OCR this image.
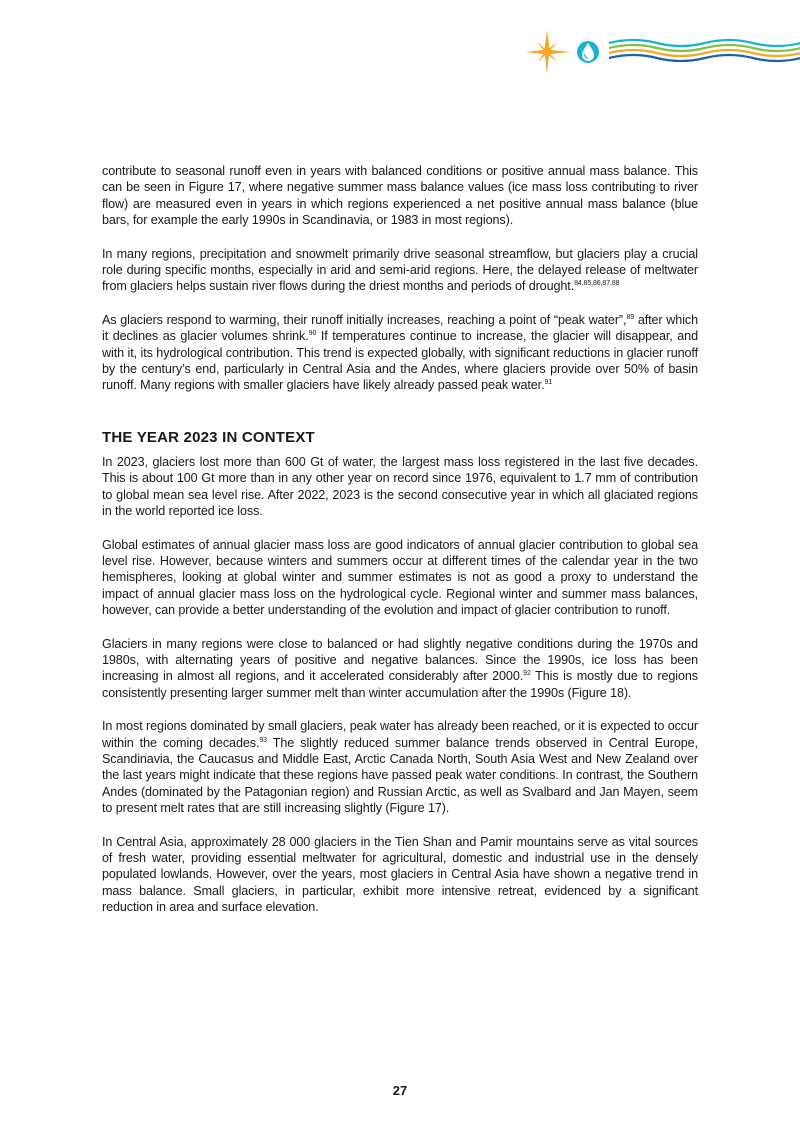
contribute to seasonal runoff even in years with balanced conditions or positive annual mass balance. This can be seen in Figure 17, where negative summer mass balance values (ice mass loss contributing to river flow) are measured even in years in which regions experienced a net positive annual mass balance (blue bars, for example the early 1990s in Scandinavia, or 1983 in most regions).

In many regions, precipitation and snowmelt primarily drive seasonal streamflow, but glaciers play a crucial role during specific months, especially in arid and semi-arid regions. Here, the delayed release of meltwater from glaciers helps sustain river flows during the driest months and periods of drought.$^{84,85,86,87,88}$

As glaciers respond to warming, their runoff initially increases, reaching a point of “peak water”,$^{89}$ after which it declines as glacier volumes shrink.$^{90}$ If temperatures continue to increase, the glacier will disappear, and with it, its hydrological contribution. This trend is expected globally, with significant reductions in glacier runoff by the century’s end, particularly in Central Asia and the Andes, where glaciers provide over 50% of basin runoff. Many regions with smaller glaciers have likely already passed peak water.$^{91}$

THE YEAR 2023 IN CONTEXT

In 2023, glaciers lost more than 600 Gt of water, the largest mass loss registered in the last five decades. This is about 100 Gt more than in any other year on record since 1976, equivalent to 1.7 mm of contribution to global mean sea level rise. After 2022, 2023 is the second consecutive year in which all glaciated regions in the world reported ice loss.

Global estimates of annual glacier mass loss are good indicators of annual glacier contribution to global sea level rise. However, because winters and summers occur at different times of the calendar year in the two hemispheres, looking at global winter and summer estimates is not as good a proxy to understand the impact of annual glacier mass loss on the hydrological cycle. Regional winter and summer mass balances, however, can provide a better understanding of the evolution and impact of glacier contribution to runoff.

Glaciers in many regions were close to balanced or had slightly negative conditions during the 1970s and 1980s, with alternating years of positive and negative balances. Since the 1990s, ice loss has been increasing in almost all regions, and it accelerated considerably after 2000.92 This is mostly due to regions consistently presenting larger summer melt than winter accumulation after the 1990s (Figure 18).

In most regions dominated by small glaciers, peak water has already been reached, or it is expected to occur within the coming decades.$^{93}$ The slightly reduced summer balance trends observed in Central Europe, Scandinavia, the Caucasus and Middle East, Arctic Canada North, South Asia West and New Zealand over the last years might indicate that these regions have passed peak water conditions. In contrast, the Southern Andes (dominated by the Patagonian region) and Russian Arctic, as well as Svalbard and Jan Mayen, seem to present melt rates that are still increasing slightly (Figure 17).

In Central Asia, approximately 28 000 glaciers in the Tien Shan and Pamir mountains serve as vital sources of fresh water, providing essential meltwater for agricultural, domestic and industrial use in the densely populated lowlands. However, over the years, most glaciers in Central Asia have shown a negative trend in mass balance. Small glaciers, in particular, exhibit more intensive retreat, evidenced by a significant reduction in area and surface elevation.

27
